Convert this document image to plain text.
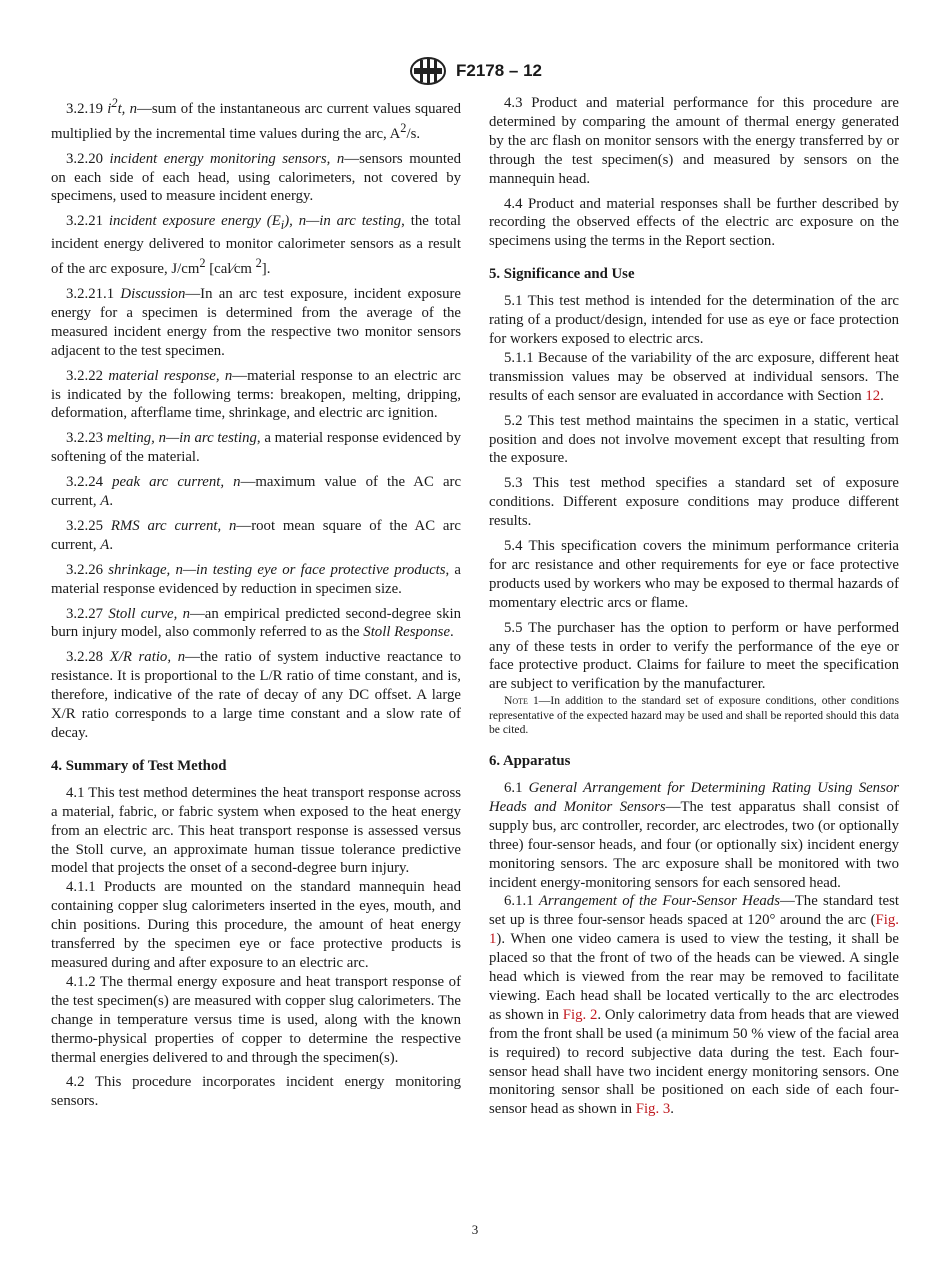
F2178 – 12

3.2.19 $i^2t$, n—sum of the instantaneous arc current values squared multiplied by the incremental time values during the arc, $A^2/s$.

3.2.20 incident energy monitoring sensors, n—sensors mounted on each side of each head, using calorimeters, not covered by specimens, used to measure incident energy.

3.2.21 incident exposure energy $(E_i)$, n—in arc testing, the total incident energy delivered to monitor calorimeter sensors as a result of the arc exposure, $J/cm^2$ [cal⁄cm $^2$].

3.2.21.1 Discussion—In an arc test exposure, incident exposure energy for a specimen is determined from the average of the measured incident energy from the respective two monitor sensors adjacent to the test specimen.

3.2.22 material response, n—material response to an electric arc is indicated by the following terms: breakopen, melting, dripping, deformation, afterflame time, shrinkage, and electric arc ignition.

3.2.23 melting, n—in arc testing, a material response evidenced by softening of the material.

3.2.24 peak arc current, n—maximum value of the AC arc current, A.

3.2.25 RMS arc current, n—root mean square of the AC arc current, A.

3.2.26 shrinkage, n—in testing eye or face protective products, a material response evidenced by reduction in specimen size.

3.2.27 Stoll curve, n—an empirical predicted second-degree skin burn injury model, also commonly referred to as the Stoll Response.

3.2.28 X/R ratio, n—the ratio of system inductive reactance to resistance. It is proportional to the L/R ratio of time constant, and is, therefore, indicative of the rate of decay of any DC offset. A large X/R ratio corresponds to a large time constant and a slow rate of decay.

4. Summary of Test Method

4.1 This test method determines the heat transport response across a material, fabric, or fabric system when exposed to the heat energy from an electric arc. This heat transport response is assessed versus the Stoll curve, an approximate human tissue tolerance predictive model that projects the onset of a second-degree burn injury.

4.1.1 Products are mounted on the standard mannequin head containing copper slug calorimeters inserted in the eyes, mouth, and chin positions. During this procedure, the amount of heat energy transferred by the specimen eye or face protective products is measured during and after exposure to an electric arc.

4.1.2 The thermal energy exposure and heat transport response of the test specimen(s) are measured with copper slug calorimeters. The change in temperature versus time is used, along with the known thermo-physical properties of copper to determine the respective thermal energies delivered to and through the specimen(s).

4.2 This procedure incorporates incident energy monitoring sensors.

4.3 Product and material performance for this procedure are determined by comparing the amount of thermal energy generated by the arc flash on monitor sensors with the energy transferred by or through the test specimen(s) and measured by sensors on the mannequin head.

4.4 Product and material responses shall be further described by recording the observed effects of the electric arc exposure on the specimens using the terms in the Report section.

5. Significance and Use

5.1 This test method is intended for the determination of the arc rating of a product/design, intended for use as eye or face protection for workers exposed to electric arcs.

5.1.1 Because of the variability of the arc exposure, different heat transmission values may be observed at individual sensors. The results of each sensor are evaluated in accordance with Section 12.

5.2 This test method maintains the specimen in a static, vertical position and does not involve movement except that resulting from the exposure.

5.3 This test method specifies a standard set of exposure conditions. Different exposure conditions may produce different results.

5.4 This specification covers the minimum performance criteria for arc resistance and other requirements for eye or face protective products used by workers who may be exposed to thermal hazards of momentary electric arcs or flame.

5.5 The purchaser has the option to perform or have performed any of these tests in order to verify the performance of the eye or face protective product. Claims for failure to meet the specification are subject to verification by the manufacturer.

Note 1—In addition to the standard set of exposure conditions, other conditions representative of the expected hazard may be used and shall be reported should this data be cited.
6. Apparatus

6.1 General Arrangement for Determining Rating Using Sensor Heads and Monitor Sensors—The test apparatus shall consist of supply bus, arc controller, recorder, arc electrodes, two (or optionally three) four-sensor heads, and four (or optionally six) incident energy monitoring sensors. The arc exposure shall be monitored with two incident energy-monitoring sensors for each sensored head.

6.1.1 Arrangement of the Four-Sensor Heads—The standard test set up is three four-sensor heads spaced at 120° around the arc (Fig. 1). When one video camera is used to view the testing, it shall be placed so that the front of two of the heads can be viewed. A single head which is viewed from the rear may be removed to facilitate viewing. Each head shall be located vertically to the arc electrodes as shown in Fig. 2. Only calorimetry data from heads that are viewed from the front shall be used (a minimum 50 % view of the facial area is required) to record subjective data during the test. Each four-sensor head shall have two incident energy monitoring sensors. One monitoring sensor shall be positioned on each side of each four-sensor head as shown in Fig. 3.

3
